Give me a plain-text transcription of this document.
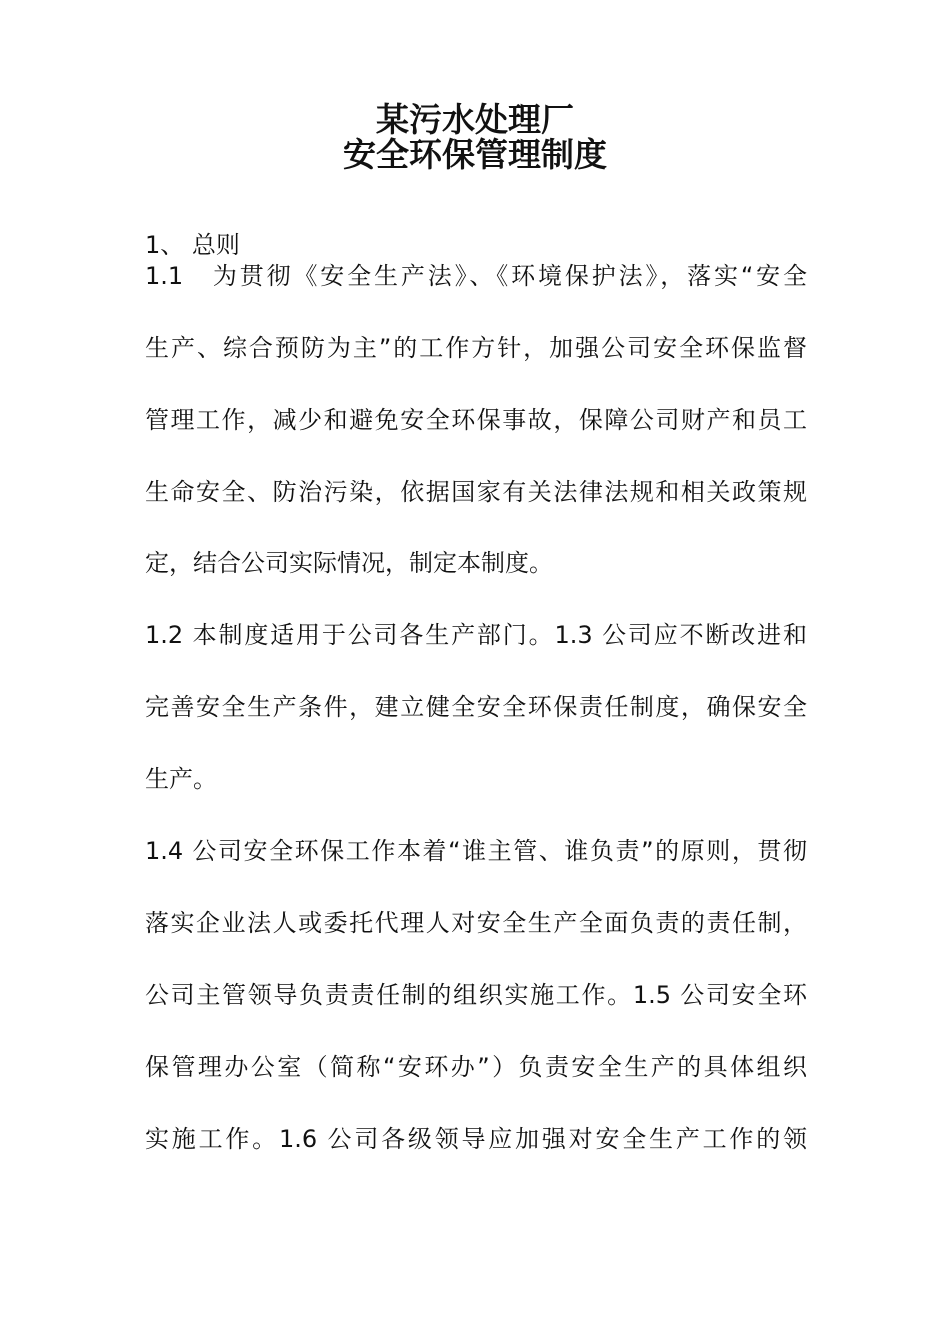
某污水处理厂
安全环保管理制度
1、 总则
1.1　为贯彻《安全生产法》、《环境保护法》，落实“安全
生产、综合预防为主”的工作方针，加强公司安全环保监督
管理工作，减少和避免安全环保事故，保障公司财产和员工
生命安全、防治污染，依据国家有关法律法规和相关政策规
定，结合公司实际情况，制定本制度。
1.2 本制度适用于公司各生产部门。1.3 公司应不断改进和
完善安全生产条件，建立健全安全环保责任制度，确保安全
生产。
1.4 公司安全环保工作本着“谁主管、谁负责”的原则，贯彻
落实企业法人或委托代理人对安全生产全面负责的责任制，
公司主管领导负责责任制的组织实施工作。1.5 公司安全环
保管理办公室（简称“安环办”）负责安全生产的具体组织
实施工作。1.6 公司各级领导应加强对安全生产工作的领
